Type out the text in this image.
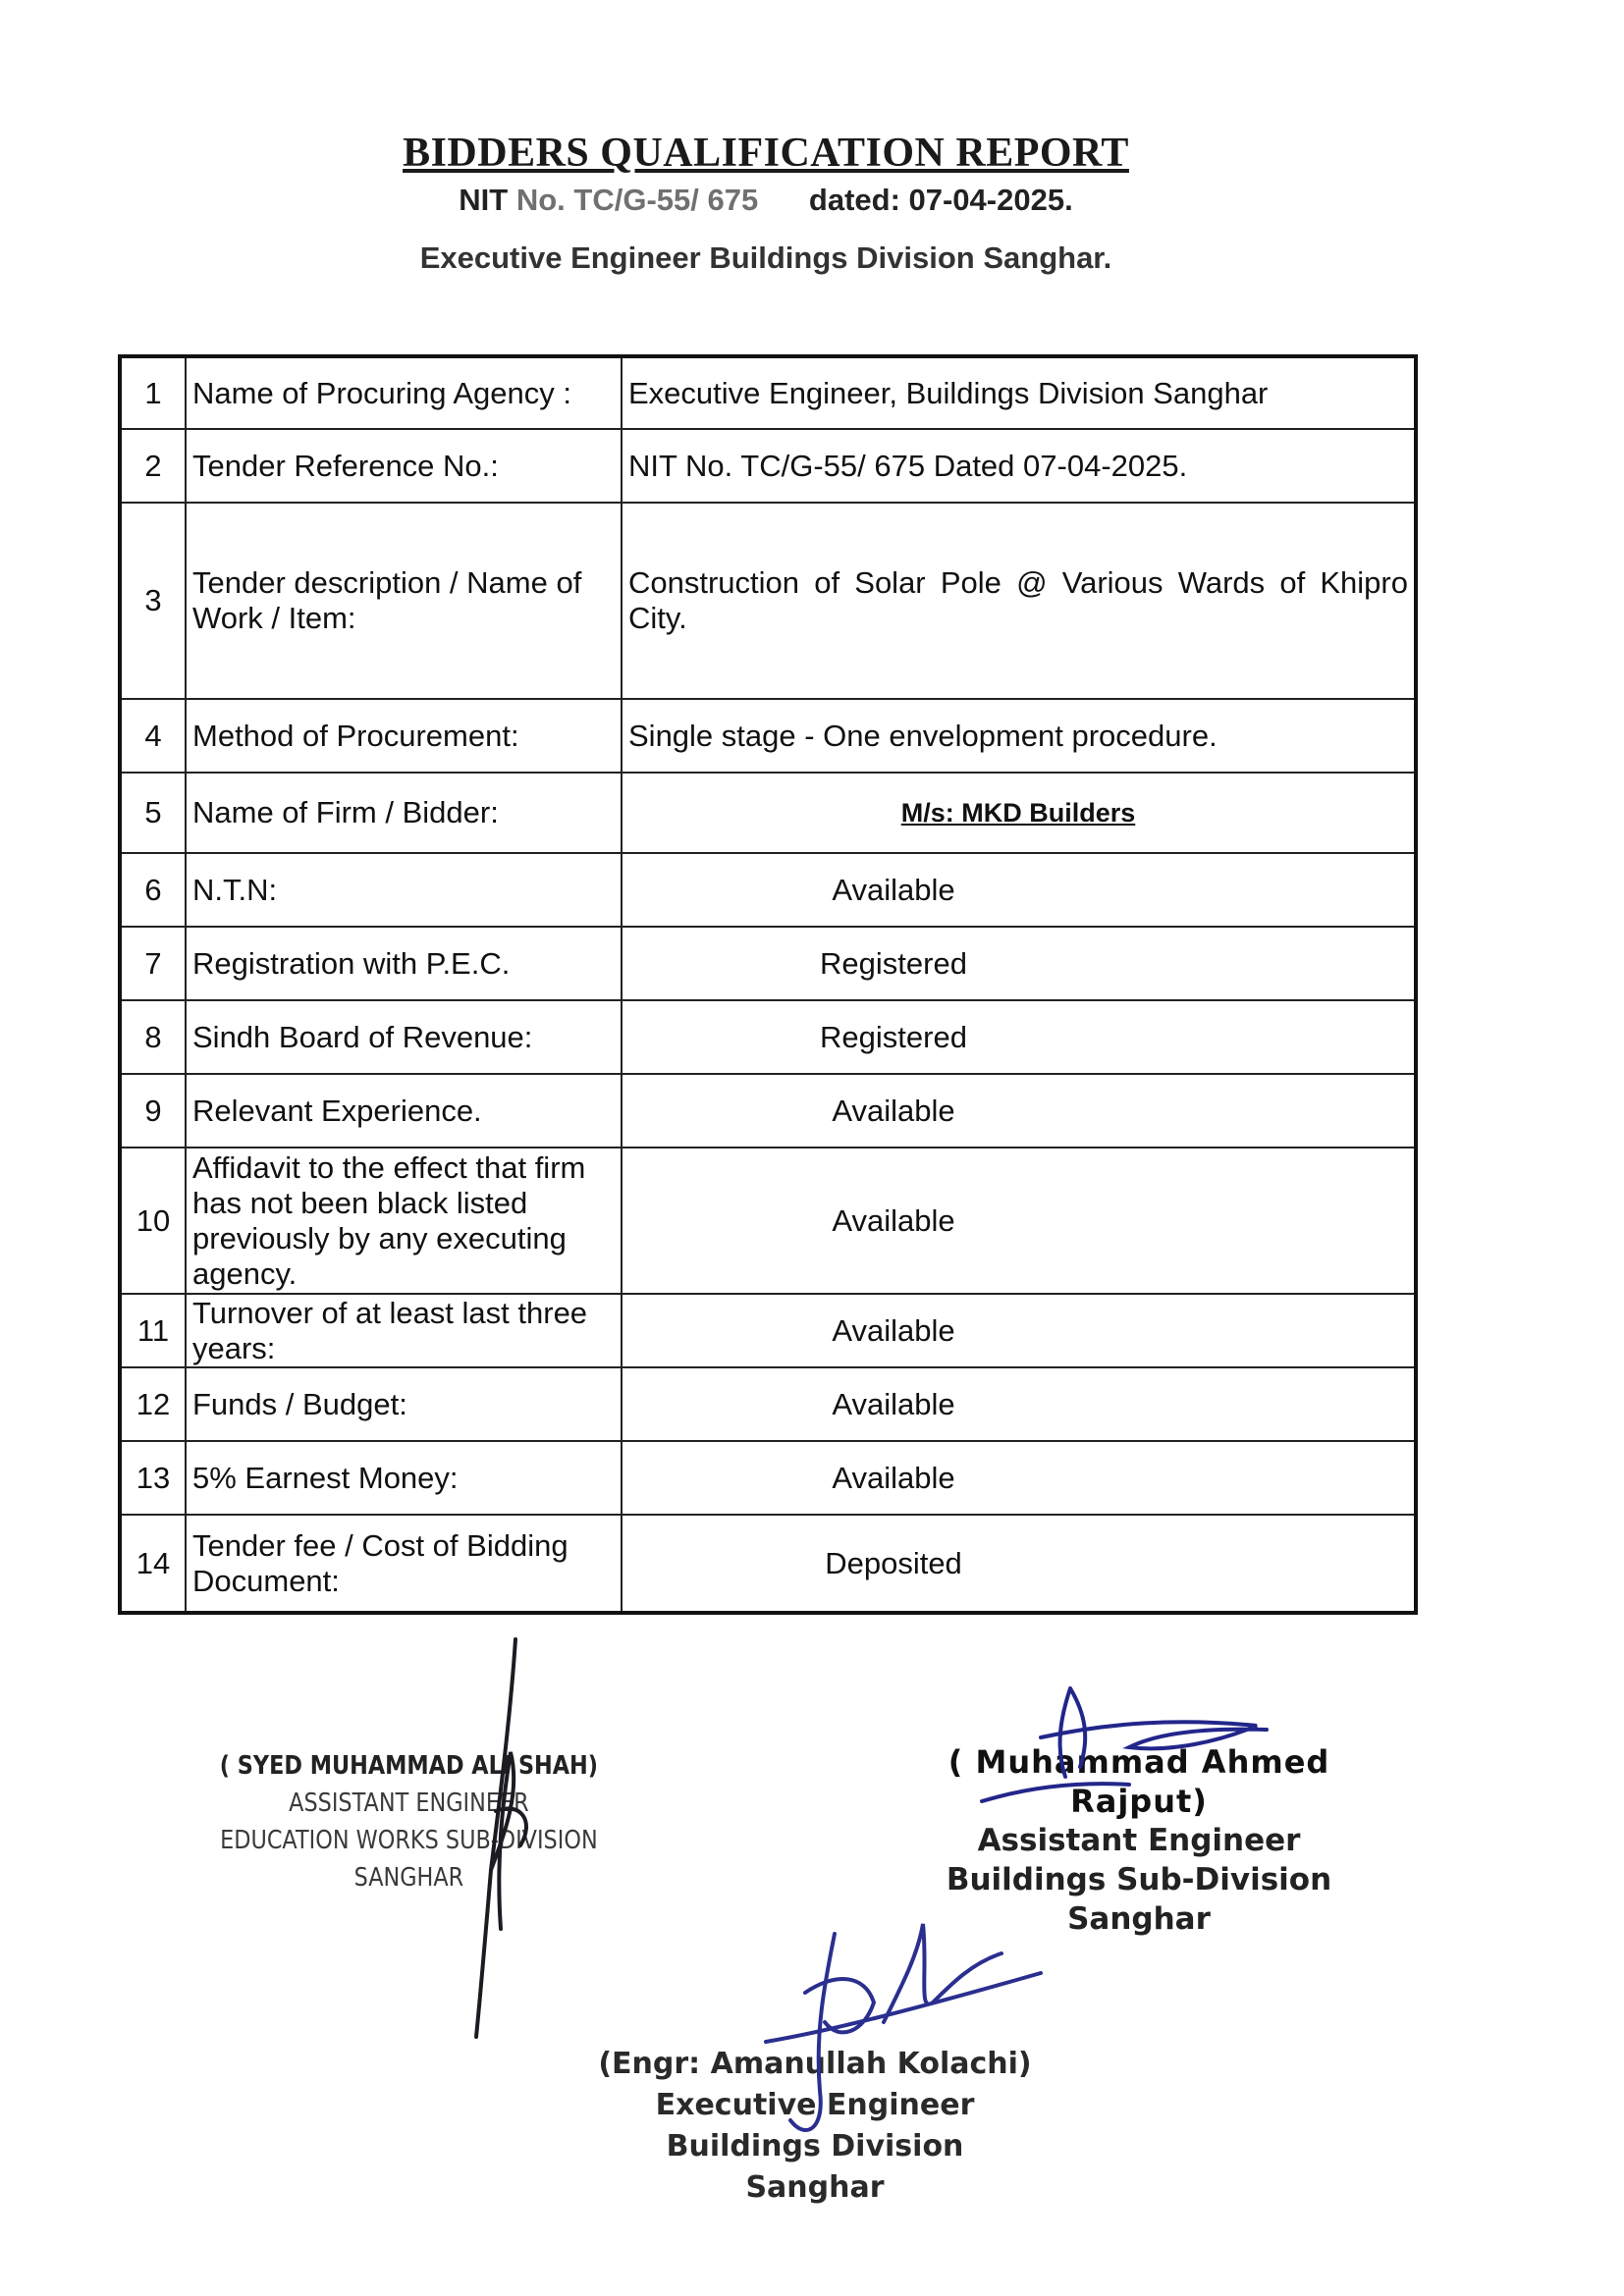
BIDDERS QUALIFICATION REPORT
NIT No. TC/G-55/ 675 dated: 07-04-2025.
Executive Engineer Buildings Division Sanghar.
1	Name of Procuring Agency :	Executive Engineer, Buildings Division Sanghar
2	Tender Reference No.:	NIT No. TC/G-55/ 675 Dated 07-04-2025.
3	Tender description / Name of Work / Item:	Construction of Solar Pole @ Various Wards of Khipro City.
4	Method of Procurement:	Single stage - One envelopment procedure.
5	Name of Firm / Bidder:	M/s: MKD Builders
6	N.T.N:	Available
7	Registration with P.E.C.	Registered
8	Sindh Board of Revenue:	Registered
9	Relevant Experience.	Available
10	Affidavit to the effect that firm has not been black listed previously by any executing agency.	Available
11	Turnover of at least last three years:	Available
12	Funds / Budget:	Available
13	5% Earnest Money:	Available
14	Tender fee / Cost of Bidding Document:	Deposited
( SYED MUHAMMAD ALI SHAH)
ASSISTANT ENGINEER
EDUCATION WORKS SUB-DIVISION
SANGHAR
( Muhammad Ahmed Rajput)
Assistant Engineer
Buildings Sub-Division
Sanghar
(Engr: Amanullah Kolachi)
Executive Engineer
Buildings Division
Sanghar
